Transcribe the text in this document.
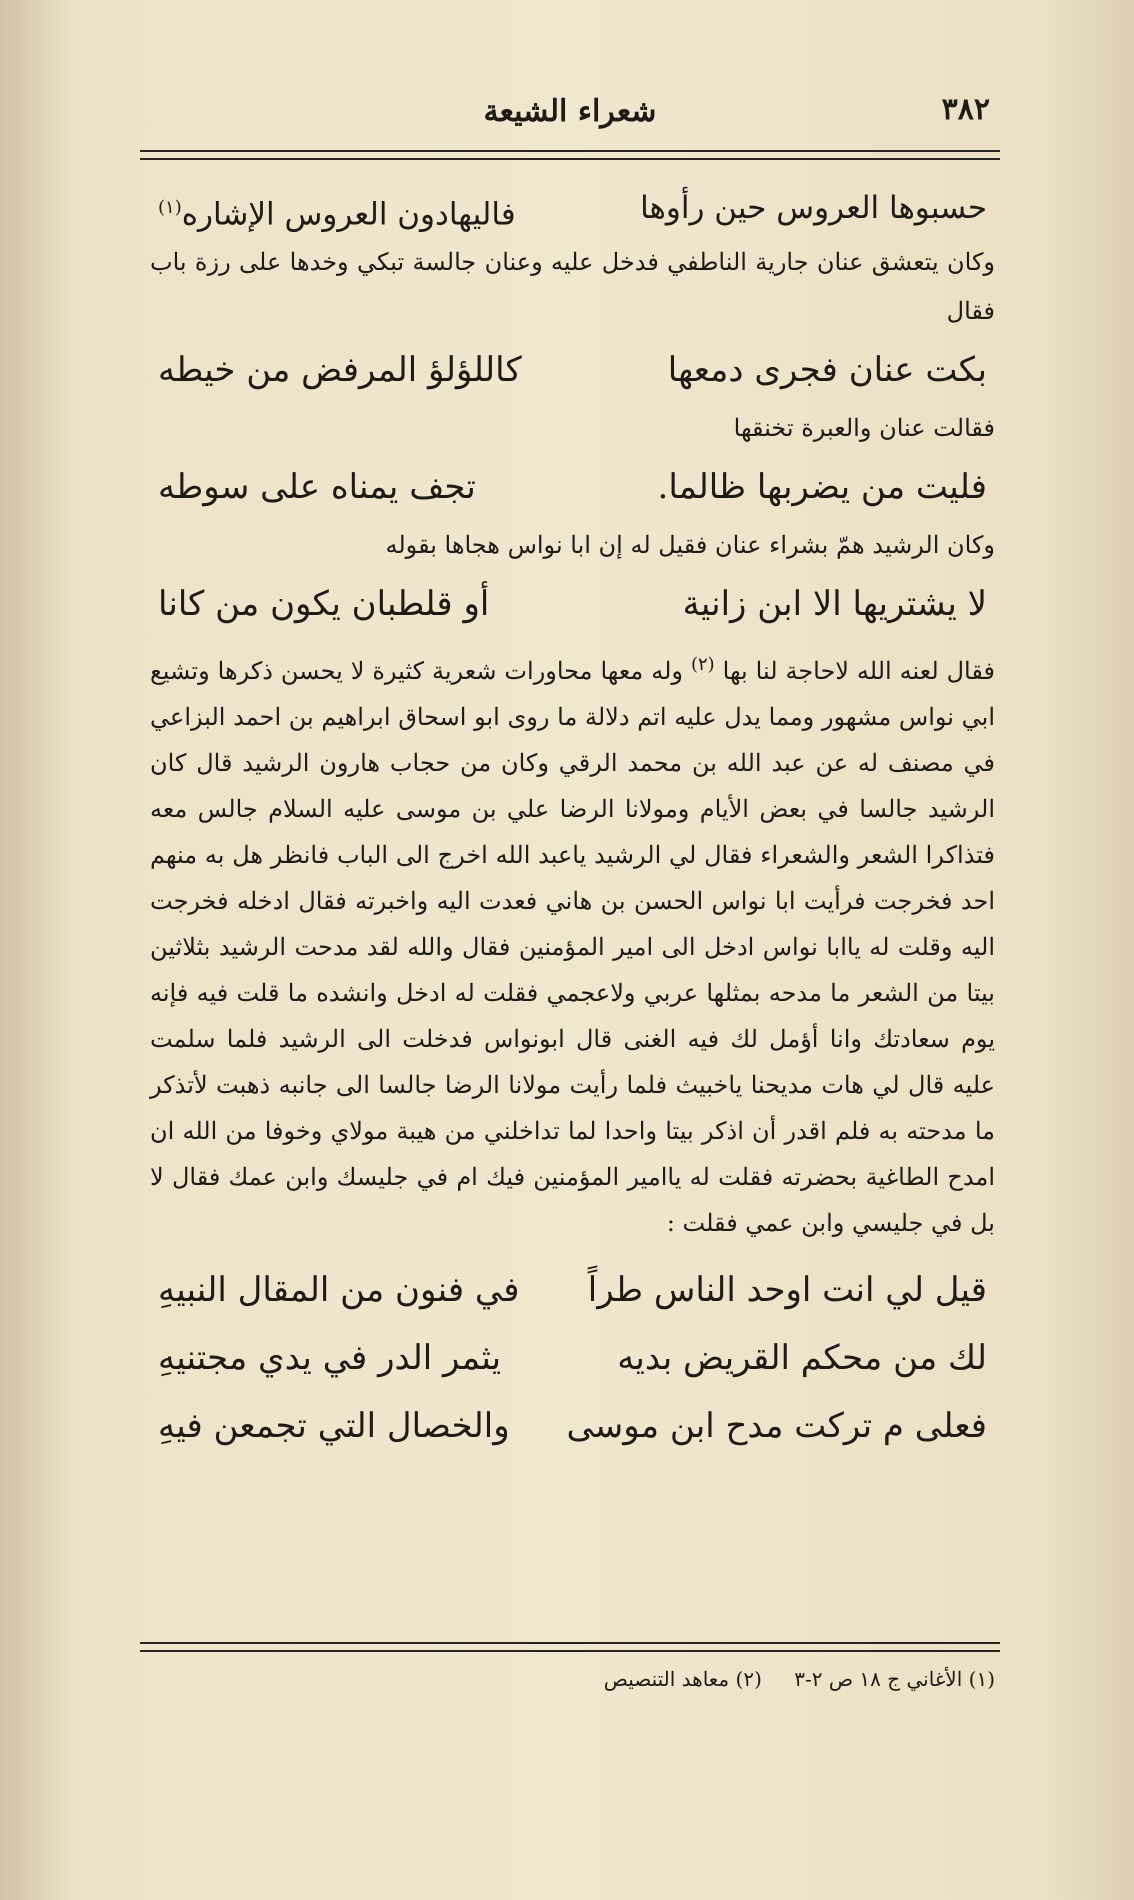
٣٨٢
شعراء الشيعة
حسبوها العروس حين رأوها
فاليهادون العروس الإشاره$^{(١)}$

وكان يتعشق عنان جارية الناطفي فدخل عليه وعنان جالسة تبكي وخدها على رزة باب فقال

بكت عنان فجرى دمعها
كاللؤلؤ المرفض من خيطه

فقالت عنان والعبرة تخنقها

فليت من يضربها ظالما.
تجف يمناه على سوطه

وكان الرشيد همّ بشراء عنان فقيل له إن ابا نواس هجاها بقوله

لا يشتريها الا ابن زانية
أو قلطبان يكون من كانا

فقال لعنه الله لاحاجة لنا بها $^{(٢)}$ وله معها محاورات شعرية كثيرة لا يحسن ذكرها وتشيع ابي نواس مشهور ومما يدل عليه اتم دلالة ما روى ابو اسحاق ابراهيم بن احمد البزاعي في مصنف له عن عبد الله بن محمد الرقي وكان من حجاب هارون الرشيد قال كان الرشيد جالسا في بعض الأيام ومولانا الرضا علي بن موسى عليه السلام جالس معه فتذاكرا الشعر والشعراء فقال لي الرشيد ياعبد الله اخرج الى الباب فانظر هل به منهم احد فخرجت فرأيت ابا نواس الحسن بن هاني فعدت اليه واخبرته فقال ادخله فخرجت اليه وقلت له ياابا نواس ادخل الى امير المؤمنين فقال والله لقد مدحت الرشيد بثلاثين بيتا من الشعر ما مدحه بمثلها عربي ولاعجمي فقلت له ادخل وانشده ما قلت فيه فإنه يوم سعادتك وانا أؤمل لك فيه الغنى قال ابونواس فدخلت الى الرشيد فلما سلمت عليه قال لي هات مديحنا ياخبيث فلما رأيت مولانا الرضا جالسا الى جانبه ذهبت لأتذكر ما مدحته به فلم اقدر أن اذكر بيتا واحدا لما تداخلني من هيبة مولاي وخوفا من الله ان امدح الطاغية بحضرته فقلت له ياامير المؤمنين فيك ام في جليسك وابن عمك فقال لا بل في جليسي وابن عمي فقلت :

قيل لي انت اوحد الناس طراً
في فنون من المقال النبيهِ
لك من محكم القريض بديه
يثمر الدر في يدي مجتنيهِ
فعلى م تركت مدح ابن موسى
والخصال التي تجمعن فيهِ
(١) الأغاني ج ١٨ ص ٢-٣ (٢) معاهد التنصيص
